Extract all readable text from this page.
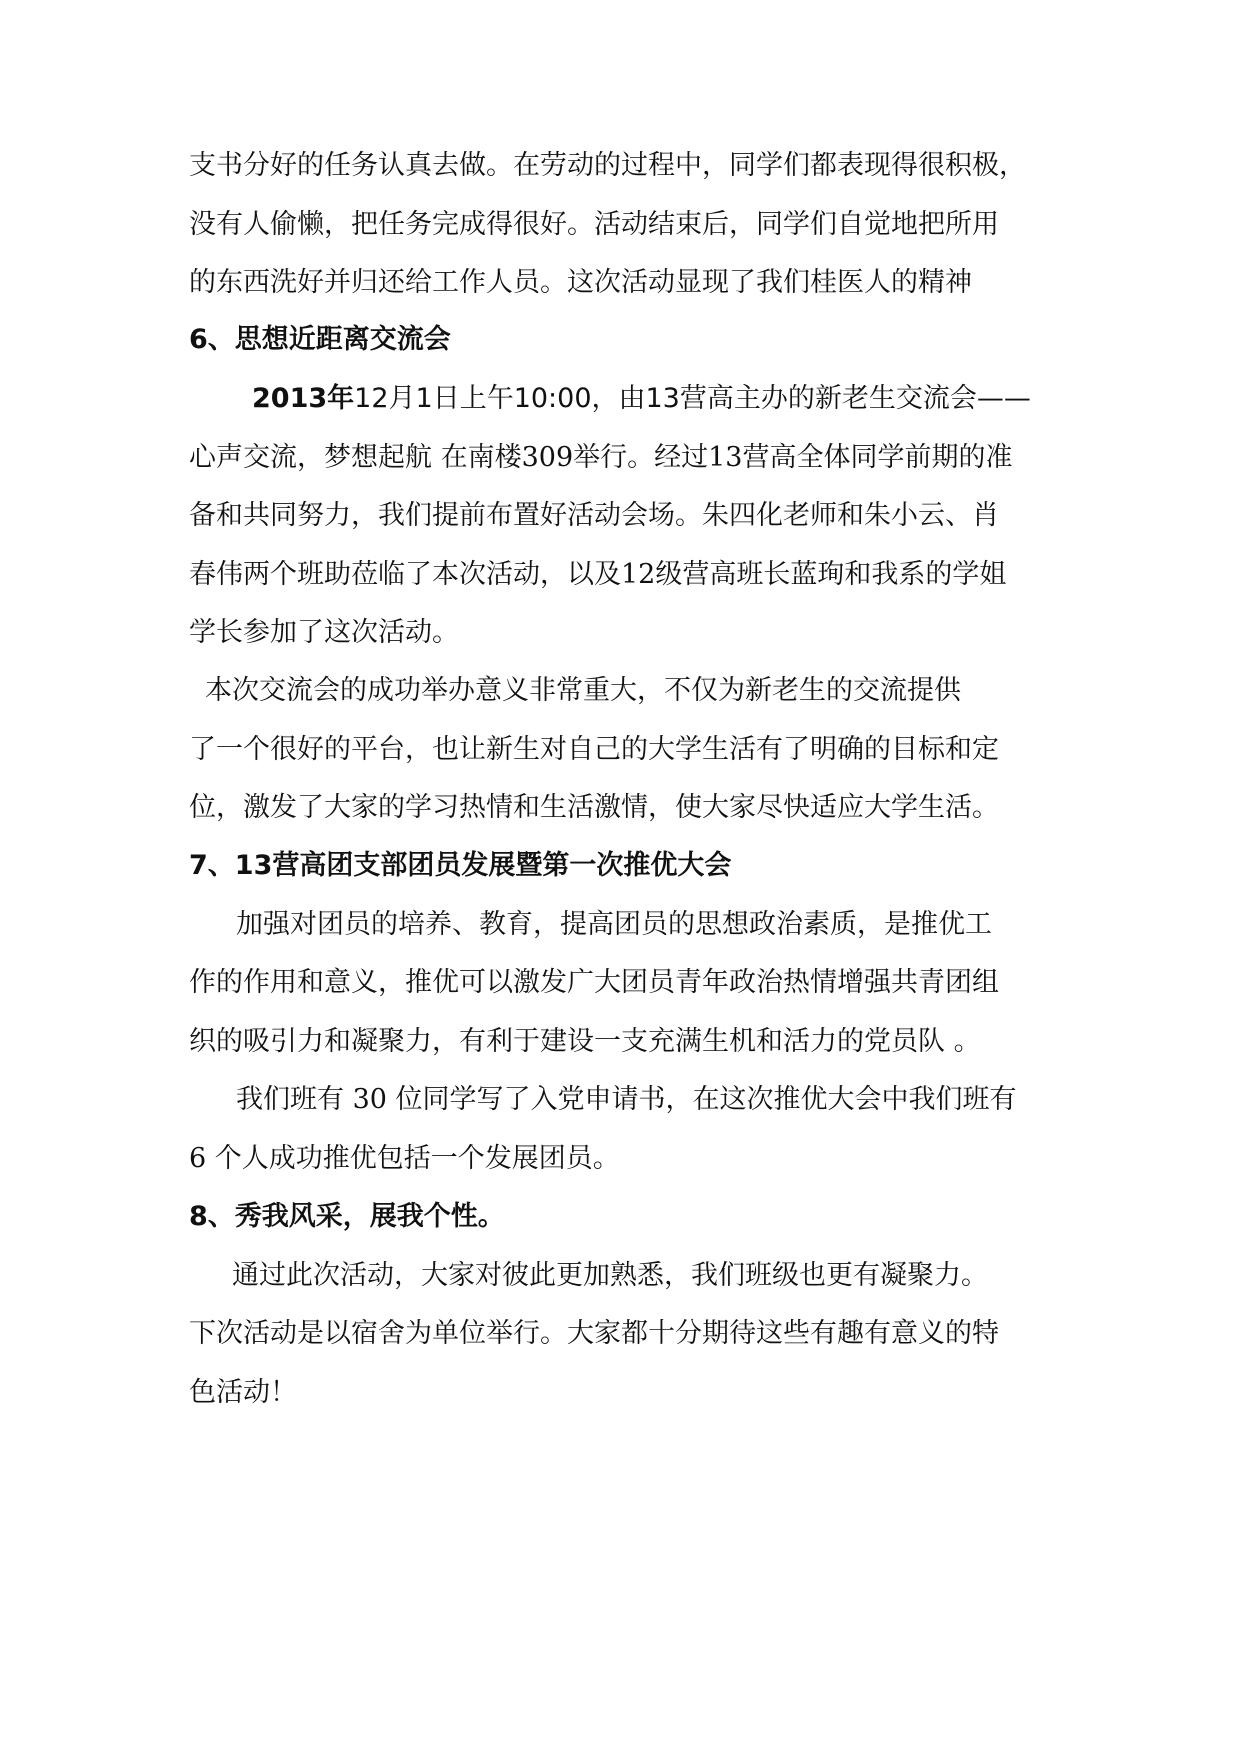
支书分好的任务认真去做。在劳动的过程中，同学们都表现得很积极，
没有人偷懒，把任务完成得很好。活动结束后，同学们自觉地把所用
的东西洗好并归还给工作人员。这次活动显现了我们桂医人的精神
6、思想近距离交流会
2013年12月1日上午10:00，由13营高主办的新老生交流会——
心声交流，梦想起航 在南楼309举行。经过13营高全体同学前期的准
备和共同努力，我们提前布置好活动会场。朱四化老师和朱小云、肖
春伟两个班助莅临了本次活动，以及12级营高班长蓝珣和我系的学姐
学长参加了这次活动。
本次交流会的成功举办意义非常重大，不仅为新老生的交流提供
了一个很好的平台，也让新生对自己的大学生活有了明确的目标和定
位，激发了大家的学习热情和生活激情，使大家尽快适应大学生活。
7、13营高团支部团员发展暨第一次推优大会
加强对团员的培养、教育，提高团员的思想政治素质，是推优工
作的作用和意义，推优可以激发广大团员青年政治热情增强共青团组
织的吸引力和凝聚力，有利于建设一支充满生机和活力的党员队 。
我们班有 30 位同学写了入党申请书，在这次推优大会中我们班有
6 个人成功推优包括一个发展团员。
8、秀我风采，展我个性。
通过此次活动，大家对彼此更加熟悉，我们班级也更有凝聚力。
下次活动是以宿舍为单位举行。大家都十分期待这些有趣有意义的特
色活动！
